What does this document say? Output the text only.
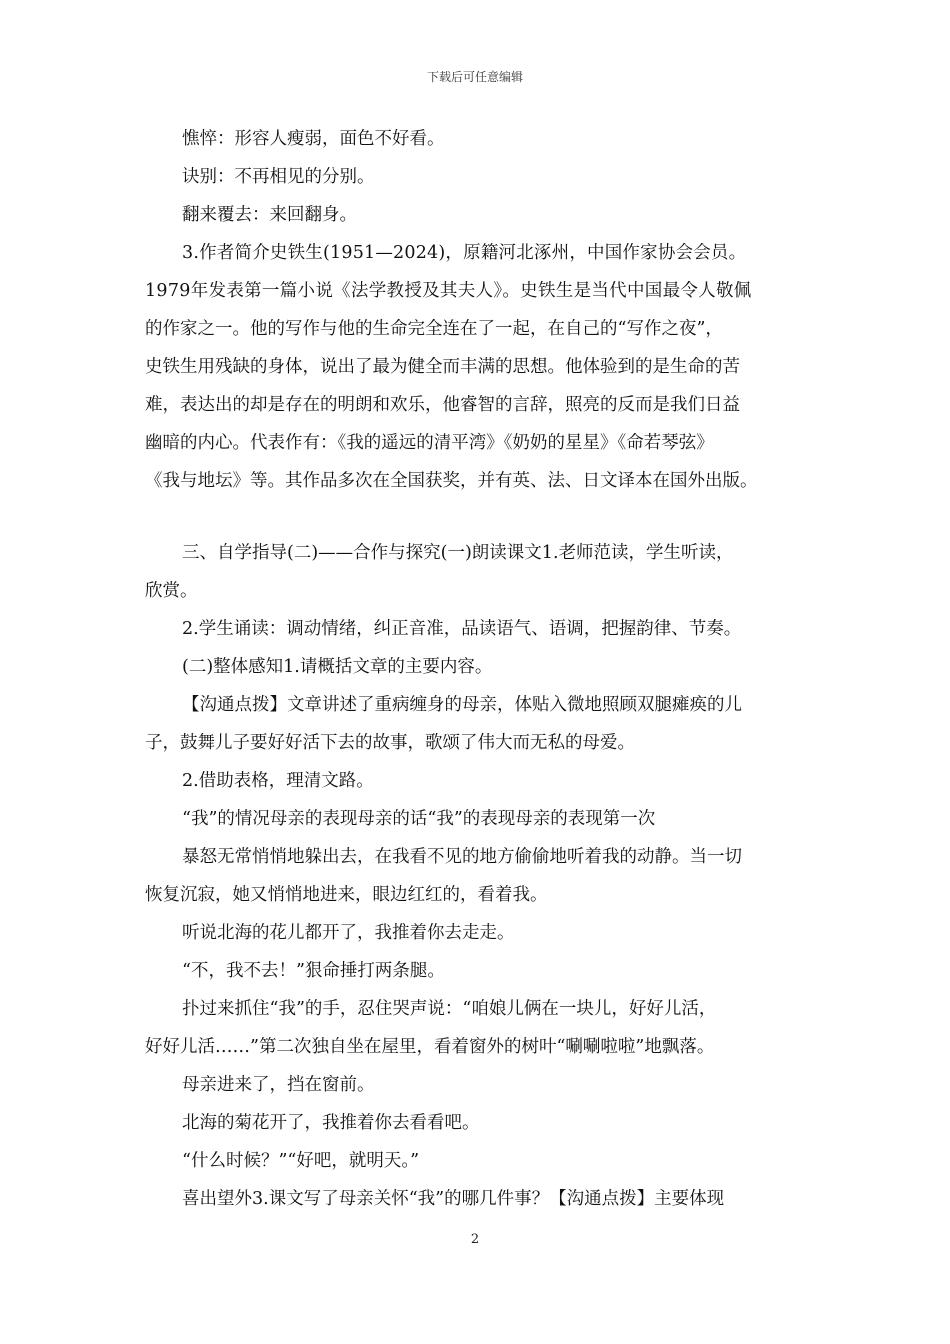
下载后可任意编辑
憔悴：形容人瘦弱，面色不好看。
诀别：不再相见的分别。
翻来覆去：来回翻身。
3.作者简介史铁生(1951—2024)，原籍河北涿州，中国作家协会会员。
1979年发表第一篇小说《法学教授及其夫人》。史铁生是当代中国最令人敬佩
的作家之一。他的写作与他的生命完全连在了一起，在自己的“写作之夜”，
史铁生用残缺的身体，说出了最为健全而丰满的思想。他体验到的是生命的苦
难，表达出的却是存在的明朗和欢乐，他睿智的言辞，照亮的反而是我们日益
幽暗的内心。代表作有：《我的遥远的清平湾》《奶奶的星星》《命若琴弦》
《我与地坛》等。其作品多次在全国获奖，并有英、法、日文译本在国外出版。
三、自学指导(二)——合作与探究(一)朗读课文1.老师范读，学生听读，
欣赏。
2.学生诵读：调动情绪，纠正音准，品读语气、语调，把握韵律、节奏。
(二)整体感知1.请概括文章的主要内容。
【沟通点拨】文章讲述了重病缠身的母亲，体贴入微地照顾双腿瘫痪的儿
子，鼓舞儿子要好好活下去的故事，歌颂了伟大而无私的母爱。
2.借助表格，理清文路。
“我”的情况母亲的表现母亲的话“我”的表现母亲的表现第一次
暴怒无常悄悄地躲出去，在我看不见的地方偷偷地听着我的动静。当一切
恢复沉寂，她又悄悄地进来，眼边红红的，看着我。
听说北海的花儿都开了，我推着你去走走。
“不，我不去！”狠命捶打两条腿。
扑过来抓住“我”的手，忍住哭声说：“咱娘儿俩在一块儿，好好儿活，
好好儿活……”第二次独自坐在屋里，看着窗外的树叶“唰唰啦啦”地飘落。
母亲进来了，挡在窗前。
北海的菊花开了，我推着你去看看吧。
“什么时候？”“好吧，就明天。”
喜出望外3.课文写了母亲关怀“我”的哪几件事？【沟通点拨】主要体现
2
